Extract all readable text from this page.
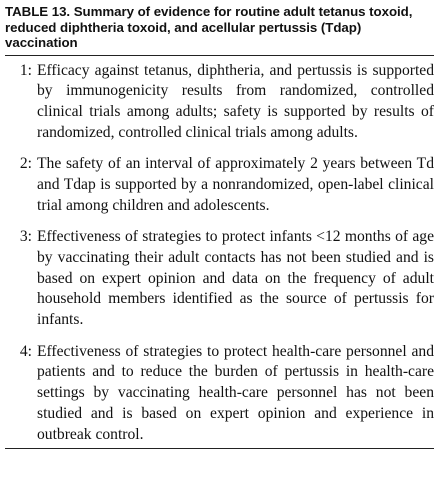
TABLE 13. Summary of evidence for routine adult tetanus toxoid, reduced diphtheria toxoid, and acellular pertussis (Tdap) vaccination
1: Efficacy against tetanus, diphtheria, and pertussis is supported by immunogenicity results from randomized, controlled clinical trials among adults; safety is supported by results of randomized, controlled clinical trials among adults.
2: The safety of an interval of approximately 2 years between Td and Tdap is supported by a nonrandomized, open-label clinical trial among children and adolescents.
3: Effectiveness of strategies to protect infants <12 months of age by vaccinating their adult contacts has not been studied and is based on expert opinion and data on the frequency of adult household members identified as the source of pertussis for infants.
4: Effectiveness of strategies to protect health-care personnel and patients and to reduce the burden of pertussis in health-care settings by vaccinating health-care personnel has not been studied and is based on expert opinion and experience in outbreak control.
